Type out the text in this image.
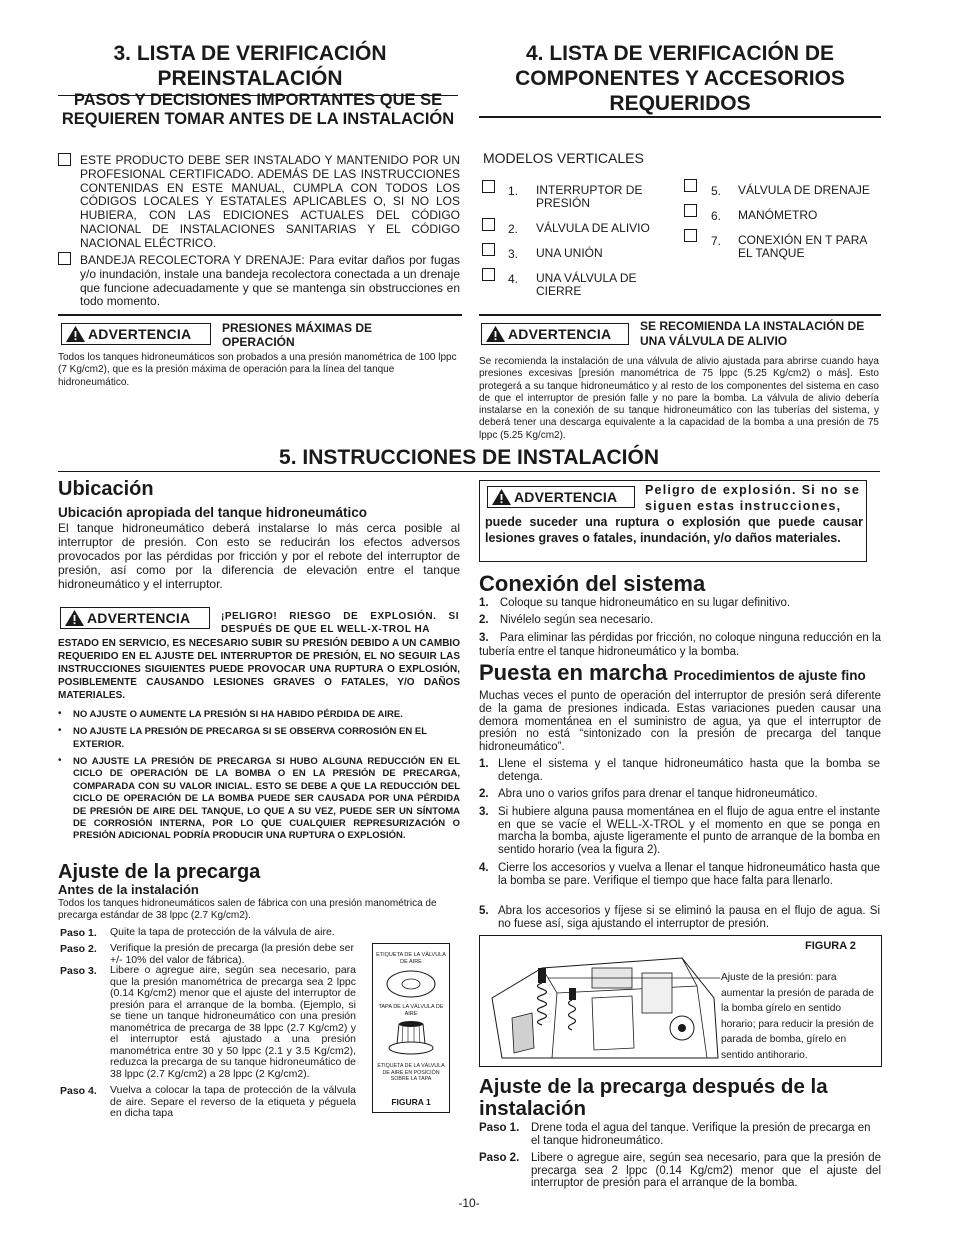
3. LISTA DE VERIFICACIÓN PREINSTALACIÓN
PASOS Y DECISIONES IMPORTANTES QUE SE REQUIEREN TOMAR ANTES DE LA INSTALACIÓN
ESTE PRODUCTO DEBE SER INSTALADO Y MANTENIDO POR UN PROFESIONAL CERTIFICADO. ADEMÁS DE LAS INSTRUCCIONES CONTENIDAS EN ESTE MANUAL, CUMPLA CON TODOS LOS CÓDIGOS LOCALES Y ESTATALES APLICABLES O, SI NO LOS HUBIERA, CON LAS EDICIONES ACTUALES DEL CÓDIGO NACIONAL DE INSTALACIONES SANITARIAS Y EL CÓDIGO NACIONAL ELÉCTRICO.
BANDEJA RECOLECTORA Y DRENAJE: Para evitar daños por fugas y/o inundación, instale una bandeja recolectora conectada a un drenaje que funcione adecuadamente y que se mantenga sin obstrucciones en todo momento.
ADVERTENCIA	PRESIONES MÁXIMAS DE OPERACIÓN
Todos los tanques hidroneumáticos son probados a una presión manométrica de 100 lppc (7 Kg/cm2), que es la presión máxima de operación para la línea del tanque hidroneumático.
4. LISTA DE VERIFICACIÓN DE COMPONENTES Y ACCESORIOS REQUERIDOS
MODELOS VERTICALES
1. INTERRUPTOR DE PRESIÓN
2. VÁLVULA DE ALIVIO
3. UNA UNIÓN
4. UNA VÁLVULA DE CIERRE
5. VÁLVULA DE DRENAJE
6. MANÓMETRO
7. CONEXIÓN EN T PARA EL TANQUE
ADVERTENCIA SE RECOMIENDA LA INSTALACIÓN DE UNA VÁLVULA DE ALIVIO
Se recomienda la instalación de una válvula de alivio ajustada para abrirse cuando haya presiones excesivas [presión manométrica de 75 lppc (5.25 Kg/cm2) o más]. Esto protegerá a su tanque hidroneumático y al resto de los componentes del sistema en caso de que el interruptor de presión falle y no pare la bomba. La válvula de alivio debería instalarse en la conexión de su tanque hidroneumático con las tuberías del sistema, y deberá tener una descarga equivalente a la capacidad de la bomba a una presión de 75 lppc (5.25 Kg/cm2).
5. INSTRUCCIONES DE INSTALACIÓN
Ubicación
Ubicación apropiada del tanque hidroneumático
El tanque hidroneumático deberá instalarse lo más cerca posible al interruptor de presión. Con esto se reducirán los efectos adversos provocados por las pérdidas por fricción y por el rebote del interruptor de presión, así como por la diferencia de elevación entre el tanque hidroneumático y el interruptor.
ADVERTENCIA	¡PELIGRO! RIESGO DE EXPLOSIÓN. SI DESPUÉS DE QUE EL WELL-X-TROL HA
ESTADO EN SERVICIO, ES NECESARIO SUBIR SU PRESIÓN DEBIDO A UN CAMBIO REQUERIDO EN EL AJUSTE DEL INTERRUPTOR DE PRESIÓN, EL NO SEGUIR LAS INSTRUCCIONES SIGUIENTES PUEDE PROVOCAR UNA RUPTURA O EXPLOSIÓN, POSIBLEMENTE CAUSANDO LESIONES GRAVES O FATALES, Y/O DAÑOS MATERIALES.
• NO AJUSTE O AUMENTE LA PRESIÓN SI HA HABIDO PÉRDIDA DE AIRE.
• NO AJUSTE LA PRESIÓN DE PRECARGA SI SE OBSERVA CORROSIÓN EN EL EXTERIOR.
• NO AJUSTE LA PRESIÓN DE PRECARGA SI HUBO ALGUNA REDUCCIÓN EN EL CICLO DE OPERACIÓN DE LA BOMBA O EN LA PRESIÓN DE PRECARGA, COMPARADA CON SU VALOR INICIAL. ESTO SE DEBE A QUE LA REDUCCIÓN DEL CICLO DE OPERACIÓN DE LA BOMBA PUEDE SER CAUSADA POR UNA PÉRDIDA DE PRESIÓN DE AIRE DEL TANQUE, LO QUE A SU VEZ, PUEDE SER UN SÍNTOMA DE CORROSIÓN INTERNA, POR LO QUE CUALQUIER REPRESURIZACIÓN O PRESIÓN ADICIONAL PODRÍA PRODUCIR UNA RUPTURA O EXPLOSIÓN.
Ajuste de la precarga
Antes de la instalación
Todos los tanques hidroneumáticos salen de fábrica con una presión manométrica de precarga estándar de 38 lppc (2.7 Kg/cm2).
Paso 1. Quite la tapa de protección de la válvula de aire.
Paso 2. Verifique la presión de precarga (la presión debe ser +/- 10% del valor de fábrica).
Paso 3. Libere o agregue aire, según sea necesario, para que la presión manométrica de precarga sea 2 lppc (0.14 Kg/cm2) menor que el ajuste del interruptor de presión para el arranque de la bomba. (Ejemplo, si se tiene un tanque hidroneumático con una presión manométrica de precarga de 38 lppc (2.7 Kg/cm2) y el interruptor está ajustado a una presión manométrica entre 30 y 50 lppc (2.1 y 3.5 Kg/cm2), reduzca la precarga de su tanque hidroneumático de 38 lppc (2.7 Kg/cm2) a 28 lppc (2 Kg/cm2).
Paso 4. Vuelva a colocar la tapa de protección de la válvula de aire. Separe el reverso de la etiqueta y péguela en dicha tapa
ETIQUETA DE LA VÁLVULA DE AIRE
TAPA DE LA VÁLVULA DE AIRE
ETIQUETA DE LA VÁLVULA DE AIRE EN POSICIÓN SOBRE LA TAPA
FIGURA 1
ADVERTENCIA Peligro de explosión. Si no se siguen estas instrucciones,
puede suceder una ruptura o explosión que puede causar lesiones graves o fatales, inundación, y/o daños materiales.
Conexión del sistema
1. Coloque su tanque hidroneumático en su lugar definitivo.
2. Nivélelo según sea necesario.
3. Para eliminar las pérdidas por fricción, no coloque ninguna reducción en la tubería entre el tanque hidroneumático y la bomba.
Puesta en marcha Procedimientos de ajuste fino
Muchas veces el punto de operación del interruptor de presión será diferente de la gama de presiones indicada. Estas variaciones pueden causar una demora momentánea en el suministro de agua, ya que el interruptor de presión no está “sintonizado con la presión de precarga del tanque hidroneumático”.
1. Llene el sistema y el tanque hidroneumático hasta que la bomba se detenga.
2. Abra uno o varios grifos para drenar el tanque hidroneumático.
3. Si hubiere alguna pausa momentánea en el flujo de agua entre el instante en que se vacíe el WELL-X-TROL y el momento en que se ponga en marcha la bomba, ajuste ligeramente el punto de arranque de la bomba en sentido horario (vea la figura 2).
4. Cierre los accesorios y vuelva a llenar el tanque hidroneumático hasta que la bomba se pare. Verifique el tiempo que hace falta para llenarlo.
5. Abra los accesorios y fíjese si se eliminó la pausa en el flujo de agua. Si no fuese así, siga ajustando el interruptor de presión.
FIGURA 2
Ajuste de la presión: para aumentar la presión de parada de la bomba gírelo en sentido horario; para reducir la presión de parada de bomba, gírelo en sentido antihorario.
Ajuste de la precarga después de la instalación
Paso 1. Drene toda el agua del tanque. Verifique la presión de precarga en el tanque hidroneumático.
Paso 2. Libere o agregue aire, según sea necesario, para que la presión de precarga sea 2 lppc (0.14 Kg/cm2) menor que el ajuste del interruptor de presión para el arranque de la bomba.
-10-
